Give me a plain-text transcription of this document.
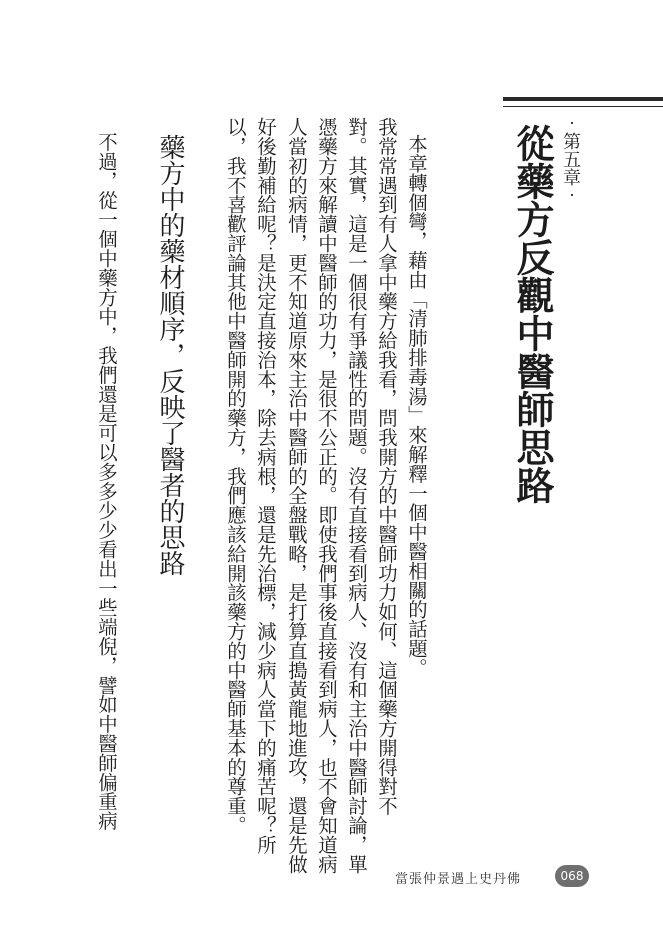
‧第五章‧
從藥方反觀中醫師思路
本章轉個彎，藉由「清肺排毒湯」來解釋一個中醫相關的話題。
我常常遇到有人拿中藥方給我看，問我開方的中醫師功力如何、這個藥方開得對不
對。其實，這是一個很有爭議性的問題。沒有直接看到病人、沒有和主治中醫師討論，單
憑藥方來解讀中醫師的功力，是很不公正的。即使我們事後直接看到病人，也不會知道病
人當初的病情，更不知道原來主治中醫師的全盤戰略，是打算直搗黃龍地進攻，還是先做
好後勤補給呢？是決定直接治本，除去病根，還是先治標，減少病人當下的痛苦呢？所
以，我不喜歡評論其他中醫師開的藥方，我們應該給開該藥方的中醫師基本的尊重。
藥方中的藥材順序，反映了醫者的思路
不過，從一個中藥方中，我們還是可以多多少少看出一些端倪，譬如中醫師偏重病
當張仲景遇上史丹佛	068
